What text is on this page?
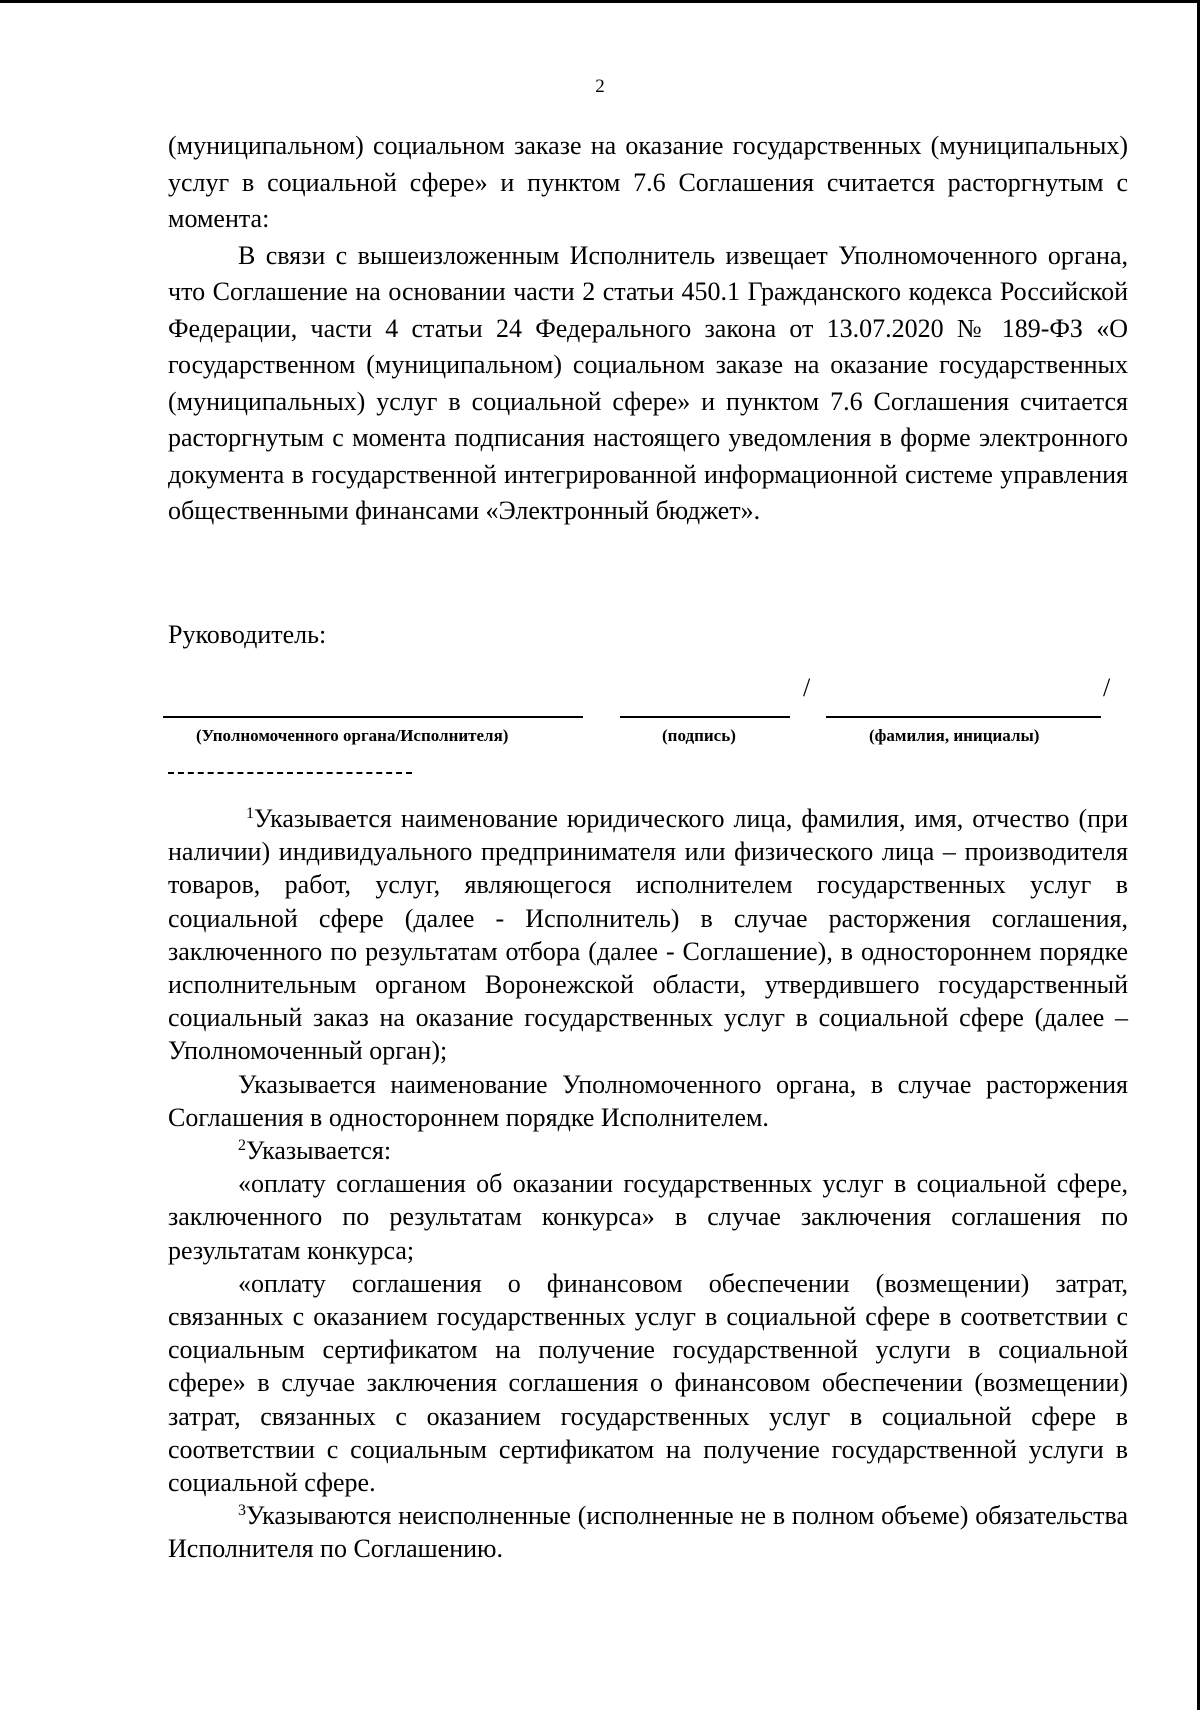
2

(муниципальном) социальном заказе на оказание государственных (муниципальных) услуг в социальной сфере» и пунктом 7.6 Соглашения считается расторгнутым с момента:

В связи с вышеизложенным Исполнитель извещает Уполномоченного органа, что Соглашение на основании части 2 статьи 450.1 Гражданского кодекса Российской Федерации, части 4 статьи 24 Федерального закона от 13.07.2020 № 189-ФЗ «О государственном (муниципальном) социальном заказе на оказание государственных (муниципальных) услуг в социальной сфере» и пунктом 7.6 Соглашения считается расторгнутым с момента подписания настоящего уведомления в форме электронного документа в государственной интегрированной информационной системе управления общественными финансами «Электронный бюджет».

Руководитель:
/	/
(Уполномоченного органа/Исполнителя)	(подпись)	(фамилия, инициалы)

$^1$Указывается наименование юридического лица, фамилия, имя, отчество (при наличии) индивидуального предпринимателя или физического лица – производителя товаров, работ, услуг, являющегося исполнителем государственных услуг в социальной сфере (далее - Исполнитель) в случае расторжения соглашения, заключенного по результатам отбора (далее - Соглашение), в одностороннем порядке исполнительным органом Воронежской области, утвердившего государственный социальный заказ на оказание государственных услуг в социальной сфере (далее – Уполномоченный орган);

Указывается наименование Уполномоченного органа, в случае расторжения Соглашения в одностороннем порядке Исполнителем.

$^2$Указывается:

«оплату соглашения об оказании государственных услуг в социальной сфере, заключенного по результатам конкурса» в случае заключения соглашения по результатам конкурса;

«оплату соглашения о финансовом обеспечении (возмещении) затрат, связанных с оказанием государственных услуг в социальной сфере в соответствии с социальным сертификатом на получение государственной услуги в социальной сфере» в случае заключения соглашения о финансовом обеспечении (возмещении) затрат, связанных с оказанием государственных услуг в социальной сфере в соответствии с социальным сертификатом на получение государственной услуги в социальной сфере.

$^3$Указываются неисполненные (исполненные не в полном объеме) обязательства Исполнителя по Соглашению.
